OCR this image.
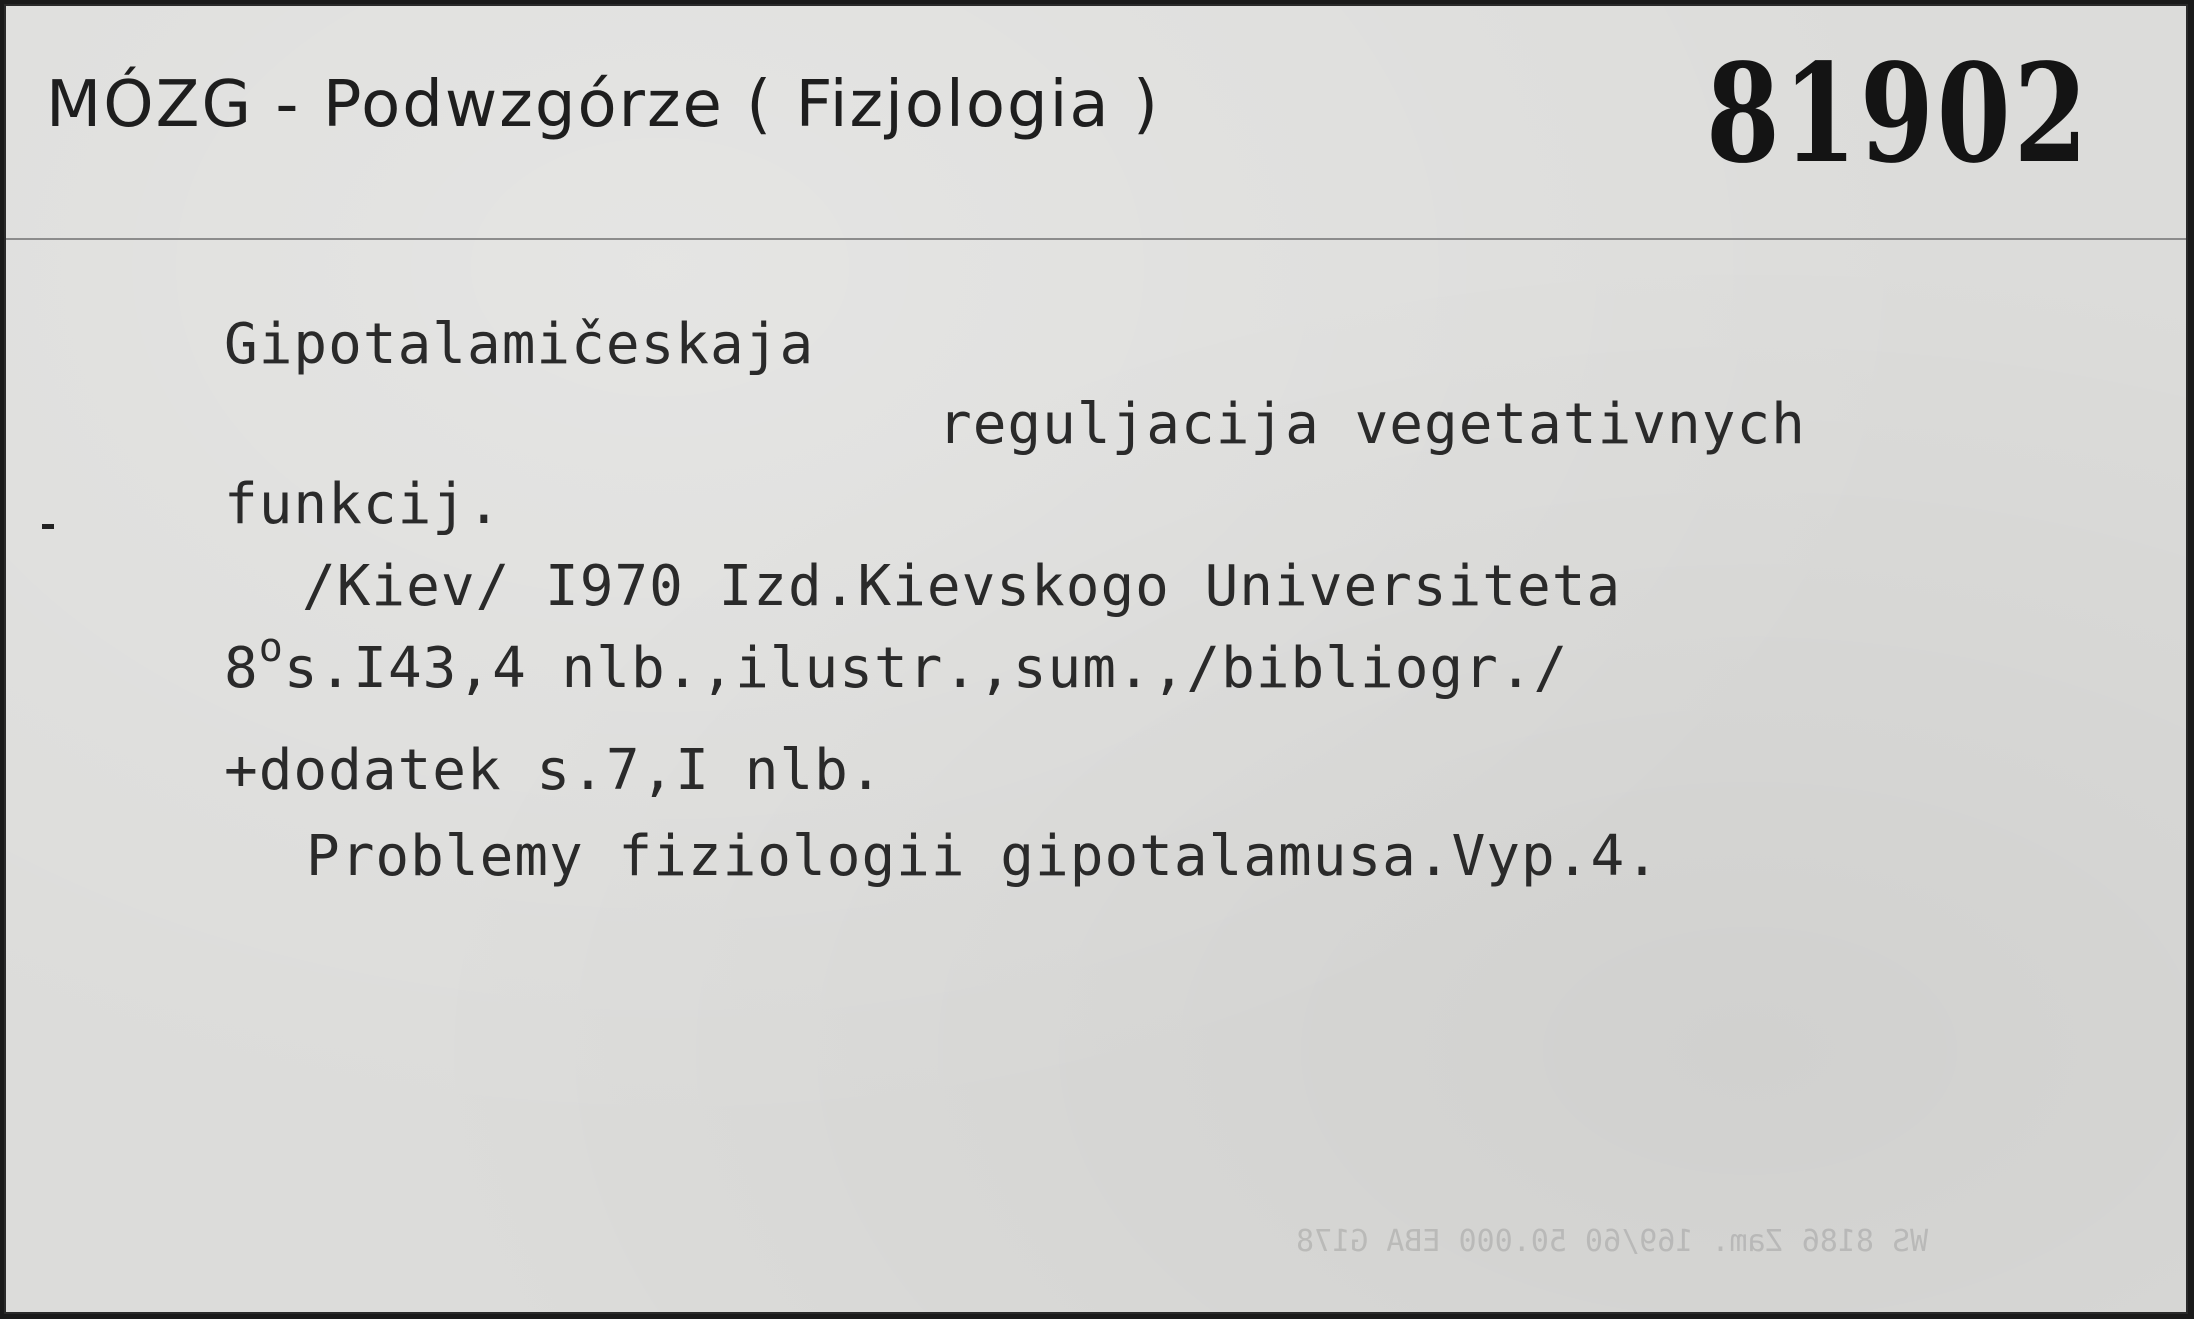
MÓZG - Podwzgórze ( Fizjologia )	81902
Gipotalamičeskaja
reguljacija vegetativnych
funkcij.
/Kiev/ I970 Izd.Kievskogo Universiteta
8$^o$s.I43,4 nlb.,ilustr.,sum.,/bibliogr./
+dodatek s.7,I nlb.
Problemy fiziologii gipotalamusa.Vyp.4.
WS 8186 Zam. 169/60 50.000 EBA G178
